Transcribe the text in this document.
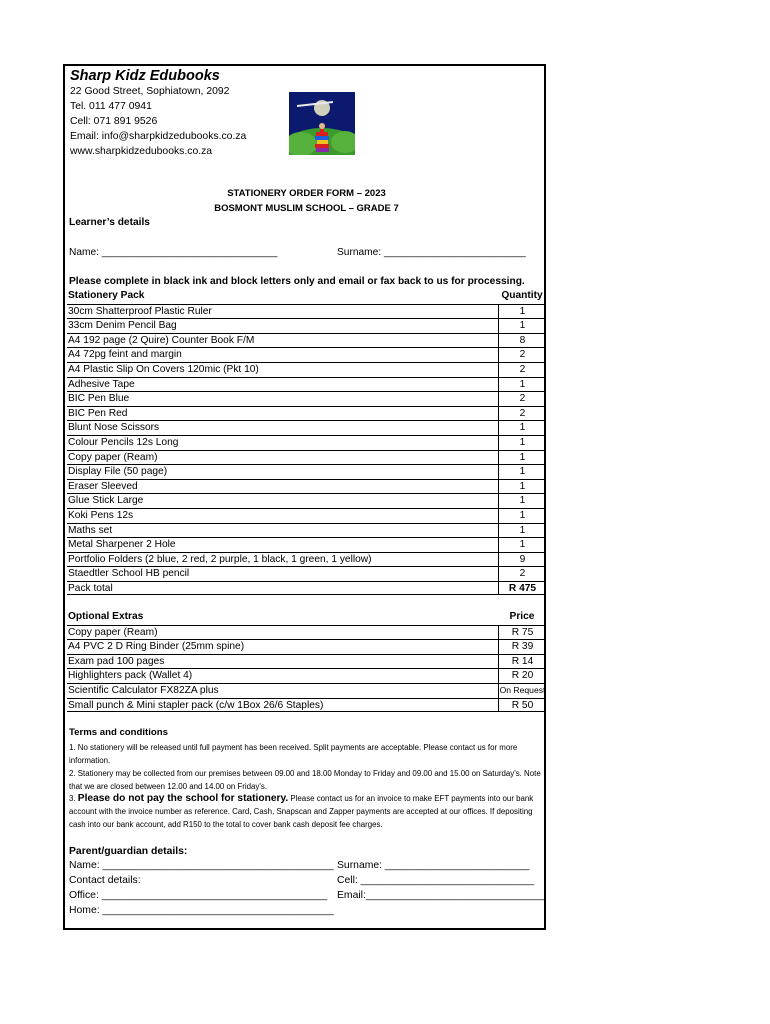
Sharp Kidz Edubooks
22 Good Street, Sophiatown, 2092
Tel. 011 477 0941
Cell: 071 891 9526
Email: info@sharpkidzedubooks.co.za
www.sharpkidzedubooks.co.za
STATIONERY ORDER FORM – 2023
BOSMONT MUSLIM SCHOOL – GRADE 7
Learner’s details
Name: _______________________________	Surname: _________________________
Please complete in black ink and block letters only and email or fax back to us for processing.
Stationery Pack	Quantity
30cm Shatterproof Plastic Ruler	1
33cm Denim Pencil Bag	1
A4 192 page (2 Quire) Counter Book F/M	8
A4 72pg feint and margin	2
A4 Plastic Slip On Covers 120mic (Pkt 10)	2
Adhesive Tape	1
BIC Pen Blue	2
BIC Pen Red	2
Blunt Nose Scissors	1
Colour Pencils 12s Long	1
Copy paper (Ream)	1
Display File (50 page)	1
Eraser Sleeved	1
Glue Stick Large	1
Koki Pens 12s	1
Maths set	1
Metal Sharpener 2 Hole	1
Portfolio Folders (2 blue, 2 red, 2 purple, 1 black, 1 green, 1 yellow)	9
Staedtler School HB pencil	2
Pack total	R 475
Optional Extras	Price
Copy paper (Ream)	R 75
A4 PVC 2 D Ring Binder (25mm spine)	R 39
Exam pad 100 pages	R 14
Highlighters pack (Wallet 4)	R 20
Scientific Calculator FX82ZA plus	On Request
Small punch & Mini stapler pack (c/w 1Box 26/6 Staples)	R 50
Terms and conditions
1. No stationery will be released until full payment has been received. Split payments are acceptable. Please contact us for more information.
2. Stationery may be collected from our premises between 09.00 and 18.00 Monday to Friday and 09.00 and 15.00 on Saturday's. Note that we are closed between 12.00 and 14.00 on Friday's.
3. Please do not pay the school for stationery. Please contact us for an invoice to make EFT payments into our bank account with the invoice number as reference. Card, Cash, Snapscan and Zapper payments are accepted at our offices. If depositing cash into our bank account, add R150 to the total to cover bank cash deposit fee charges.
Parent/guardian details:
Name: ________________________________________ Surname: _________________________
Contact details:	Cell: ______________________________
Office: _______________________________________ Email:_______________________________
Home: ________________________________________
